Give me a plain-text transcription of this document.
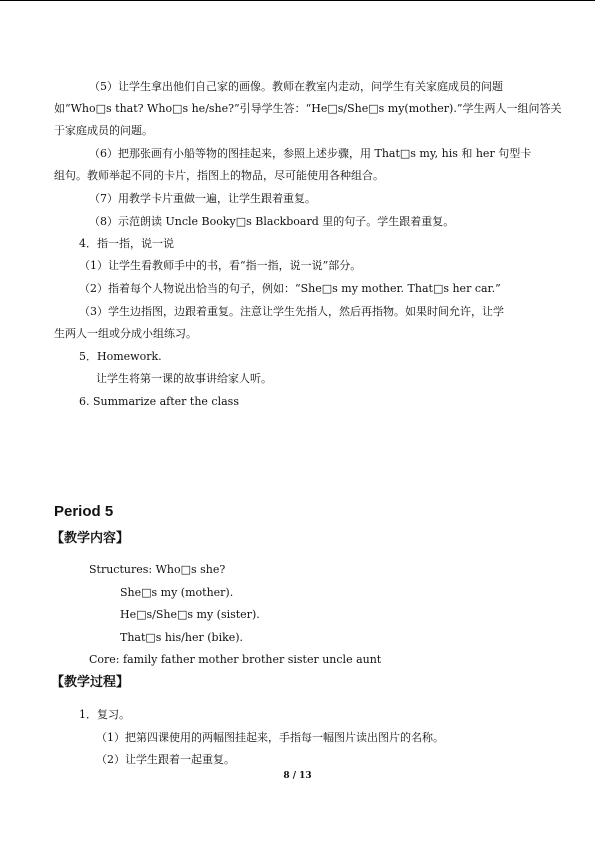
（5）让学生拿出他们自己家的画像。教师在教室内走动，问学生有关家庭成员的问题
如“Who□s that? Who□s he/she?”引导学生答：“He□s/She□s my(mother).”学生两人一组问答关
于家庭成员的问题。
（6）把那张画有小船等物的图挂起来，参照上述步骤，用 That□s my, his 和 her 句型卡
组句。教师举起不同的卡片，指图上的物品，尽可能使用各种组合。
（7）用教学卡片重做一遍，让学生跟着重复。
（8）示范朗读 Uncle Booky□s Blackboard 里的句子。学生跟着重复。
4．指一指，说一说
（1）让学生看教师手中的书，看“指一指，说一说”部分。
（2）指着每个人物说出恰当的句子，例如：“She□s my mother. That□s her car.”
（3）学生边指图，边跟着重复。注意让学生先指人，然后再指物。如果时间允许，让学
生两人一组或分成小组练习。
5．Homework.
让学生将第一课的故事讲给家人听。
6. Summarize after the class
Period 5
【教学内容】
Structures: Who□s she?
She□s my (mother).
He□s/She□s my (sister).
That□s his/her (bike).
Core: family father mother brother sister uncle aunt
【教学过程】
1．复习。
（1）把第四课使用的两幅图挂起来，手指每一幅图片读出图片的名称。
（2）让学生跟着一起重复。
8 / 13
